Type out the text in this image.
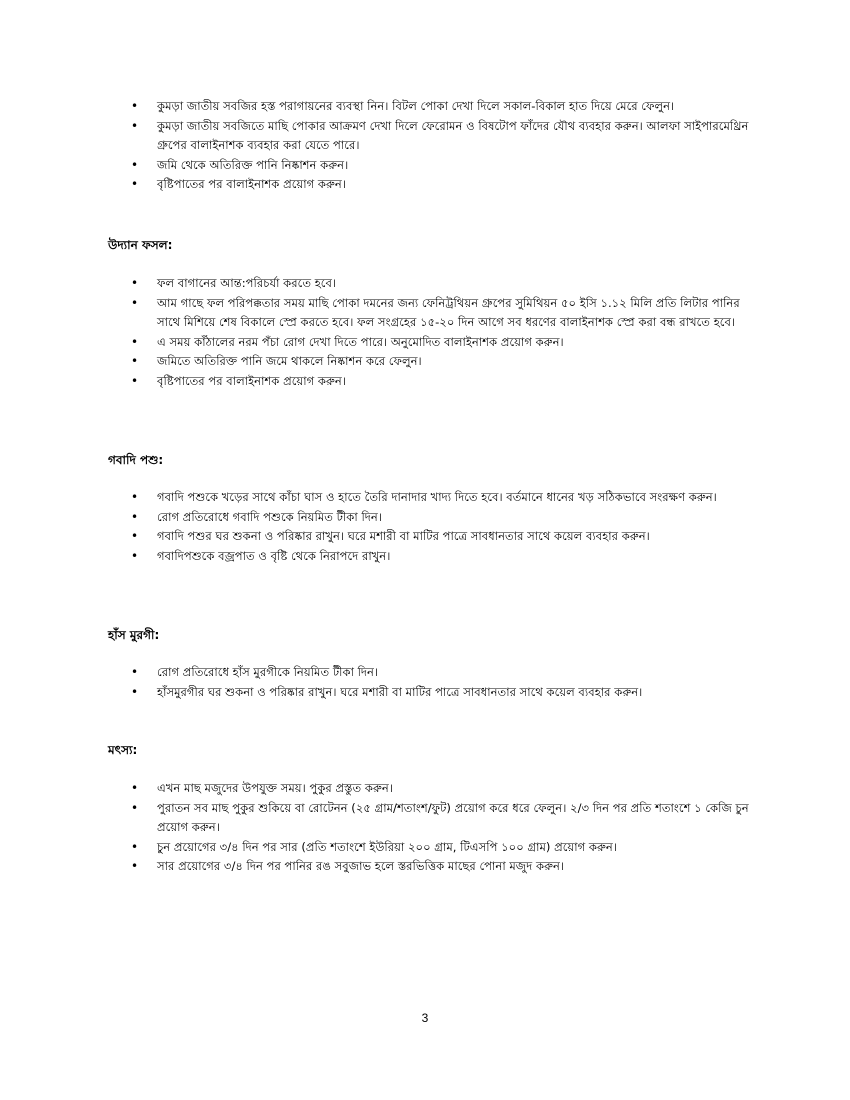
• কুমড়া জাতীয় সবজির হস্ত পরাগায়নের ব্যবস্থা নিন। বিটল পোকা দেখা দিলে সকাল-বিকাল হাত দিয়ে মেরে ফেলুন।
• কুমড়া জাতীয় সবজিতে মাছি পোকার আক্রমণ দেখা দিলে ফেরোমন ও বিষটোপ ফাঁদের যৌথ ব্যবহার করুন। আলফা সাইপারমেথ্রিন গ্রুপের বালাইনাশক ব্যবহার করা যেতে পারে।
• জমি থেকে অতিরিক্ত পানি নিষ্কাশন করুন।
• বৃষ্টিপাতের পর বালাইনাশক প্রয়োগ করুন।
উদ্যান ফসল:
• ফল বাগানের আন্ত:পরিচর্যা করতে হবে।
• আম গাছে ফল পরিপক্কতার সময় মাছি পোকা দমনের জন্য ফেনিট্রথিয়ন গ্রুপের সুমিথিয়ন ৫০ ইসি ১.১২ মিলি প্রতি লিটার পানির সাথে মিশিয়ে শেষ বিকালে স্প্রে করতে হবে। ফল সংগ্রহের ১৫-২০ দিন আগে সব ধরণের বালাইনাশক স্প্রে করা বন্ধ রাখতে হবে।
• এ সময় কাঁঠালের নরম পঁচা রোগ দেখা দিতে পারে। অনুমোদিত বালাইনাশক প্রয়োগ করুন।
• জমিতে অতিরিক্ত পানি জমে থাকলে নিষ্কাশন করে ফেলুন।
• বৃষ্টিপাতের পর বালাইনাশক প্রয়োগ করুন।
গবাদি পশু:
• গবাদি পশুকে খড়ের সাথে কাঁচা ঘাস ও হাতে তৈরি দানাদার খাদ্য দিতে হবে। বর্তমানে ধানের খড় সঠিকভাবে সংরক্ষণ করুন।
• রোগ প্রতিরোধে গবাদি পশুকে নিয়মিত টীকা দিন।
• গবাদি পশুর ঘর শুকনা ও পরিষ্কার রাখুন। ঘরে মশারী বা মাটির পাত্রে সাবধানতার সাথে কয়েল ব্যবহার করুন।
• গবাদিপশুকে বজ্রপাত ও বৃষ্টি থেকে নিরাপদে রাখুন।
হাঁস মুরগী:
• রোগ প্রতিরোধে হাঁস মুরগীকে নিয়মিত টীকা দিন।
• হাঁসমুরগীর ঘর শুকনা ও পরিষ্কার রাখুন। ঘরে মশারী বা মাটির পাত্রে সাবধানতার সাথে কয়েল ব্যবহার করুন।
মৎস্য:
• এখন মাছ মজুদের উপযুক্ত সময়। পুকুর প্রস্তুত করুন।
• পুরাতন সব মাছ পুকুর শুকিয়ে বা রোটেনন (২৫ গ্রাম/শতাংশ/ফুট) প্রয়োগ করে ধরে ফেলুন। ২/৩ দিন পর প্রতি শতাংশে ১ কেজি চুন প্রয়োগ করুন।
• চুন প্রয়োগের ৩/৪ দিন পর সার (প্রতি শতাংশে ইউরিয়া ২০০ গ্রাম, টিএসপি ১০০ গ্রাম) প্রয়োগ করুন।
• সার প্রয়োগের ৩/৪ দিন পর পানির রঙ সবুজাভ হলে স্তরভিত্তিক মাছের পোনা মজুদ করুন।
3
